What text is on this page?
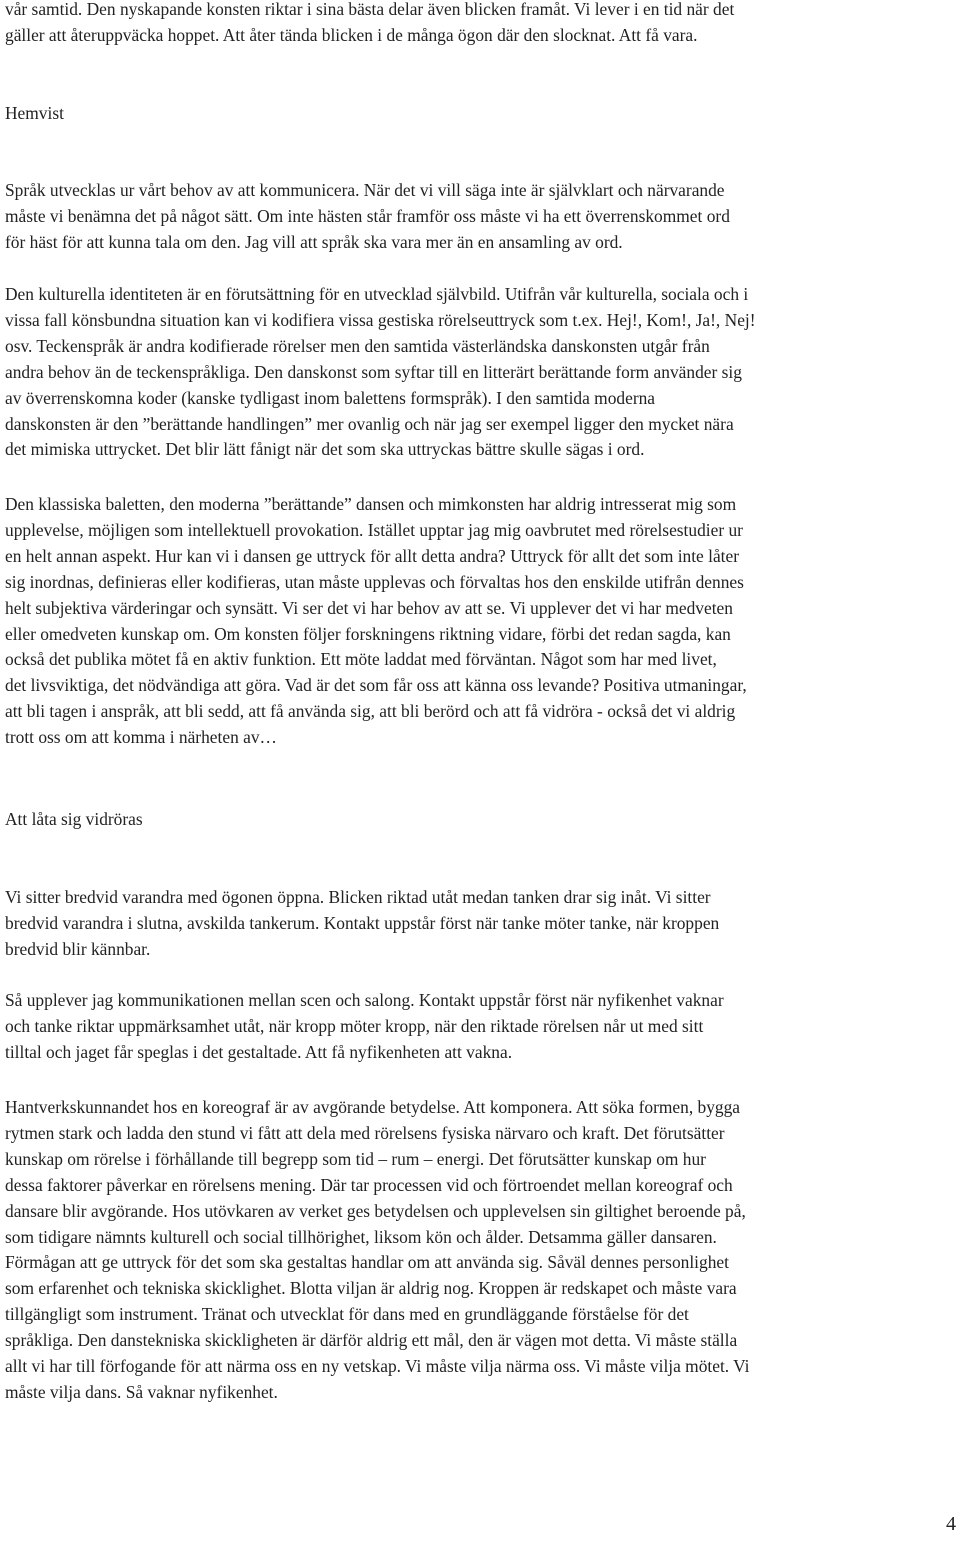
vår samtid. Den nyskapande konsten riktar i sina bästa delar även blicken framåt. Vi lever i en tid när det
gäller att återuppväcka hoppet. Att åter tända blicken i de många ögon där den slocknat. Att få vara.
Hemvist
Språk utvecklas ur vårt behov av att kommunicera. När det vi vill säga inte är självklart och närvarande
måste vi benämna det på något sätt. Om inte hästen står framför oss måste vi ha ett överrenskommet ord
för häst för att kunna tala om den. Jag vill att språk ska vara mer än en ansamling av ord.
Den kulturella identiteten är en förutsättning för en utvecklad självbild. Utifrån vår kulturella, sociala och i
vissa fall könsbundna situation kan vi kodifiera vissa gestiska rörelseuttryck som t.ex. Hej!, Kom!, Ja!, Nej!
osv. Teckenspråk är andra kodifierade rörelser men den samtida västerländska danskonsten utgår från
andra behov än de teckenspråkliga. Den danskonst som syftar till en litterärt berättande form använder sig
av överrenskomna koder (kanske tydligast inom balettens formspråk). I den samtida moderna
danskonsten är den ”berättande handlingen” mer ovanlig och när jag ser exempel ligger den mycket nära
det mimiska uttrycket. Det blir lätt fånigt när det som ska uttryckas bättre skulle sägas i ord.
Den klassiska baletten, den moderna ”berättande” dansen och mimkonsten har aldrig intresserat mig som
upplevelse, möjligen som intellektuell provokation. Istället upptar jag mig oavbrutet med rörelsestudier ur
en helt annan aspekt. Hur kan vi i dansen ge uttryck för allt detta andra? Uttryck för allt det som inte låter
sig inordnas, definieras eller kodifieras, utan måste upplevas och förvaltas hos den enskilde utifrån dennes
helt subjektiva värderingar och synsätt. Vi ser det vi har behov av att se. Vi upplever det vi har medveten
eller omedveten kunskap om. Om konsten följer forskningens riktning vidare, förbi det redan sagda, kan
också det publika mötet få en aktiv funktion. Ett möte laddat med förväntan. Något som har med livet,
det livsviktiga, det nödvändiga att göra. Vad är det som får oss att känna oss levande? Positiva utmaningar,
att bli tagen i anspråk, att bli sedd, att få använda sig, att bli berörd och att få vidröra - också det vi aldrig
trott oss om att komma i närheten av…
Att låta sig vidröras
Vi sitter bredvid varandra med ögonen öppna. Blicken riktad utåt medan tanken drar sig inåt. Vi sitter
bredvid varandra i slutna, avskilda tankerum. Kontakt uppstår först när tanke möter tanke, när kroppen
bredvid blir kännbar.
Så upplever jag kommunikationen mellan scen och salong. Kontakt uppstår först när nyfikenhet vaknar
och tanke riktar uppmärksamhet utåt, när kropp möter kropp, när den riktade rörelsen når ut med sitt
tilltal och jaget får speglas i det gestaltade. Att få nyfikenheten att vakna.
Hantverkskunnandet hos en koreograf är av avgörande betydelse. Att komponera. Att söka formen, bygga
rytmen stark och ladda den stund vi fått att dela med rörelsens fysiska närvaro och kraft. Det förutsätter
kunskap om rörelse i förhållande till begrepp som tid – rum – energi. Det förutsätter kunskap om hur
dessa faktorer påverkar en rörelsens mening. Där tar processen vid och förtroendet mellan koreograf och
dansare blir avgörande. Hos utövkaren av verket ges betydelsen och upplevelsen sin giltighet beroende på,
som tidigare nämnts kulturell och social tillhörighet, liksom kön och ålder. Detsamma gäller dansaren.
Förmågan att ge uttryck för det som ska gestaltas handlar om att använda sig. Såväl dennes personlighet
som erfarenhet och tekniska skicklighet. Blotta viljan är aldrig nog. Kroppen är redskapet och måste vara
tillgängligt som instrument. Tränat och utvecklat för dans med en grundläggande förståelse för det
språkliga. Den danstekniska skickligheten är därför aldrig ett mål, den är vägen mot detta. Vi måste ställa
allt vi har till förfogande för att närma oss en ny vetskap. Vi måste vilja närma oss. Vi måste vilja mötet. Vi
måste vilja dans. Så vaknar nyfikenhet.
4
